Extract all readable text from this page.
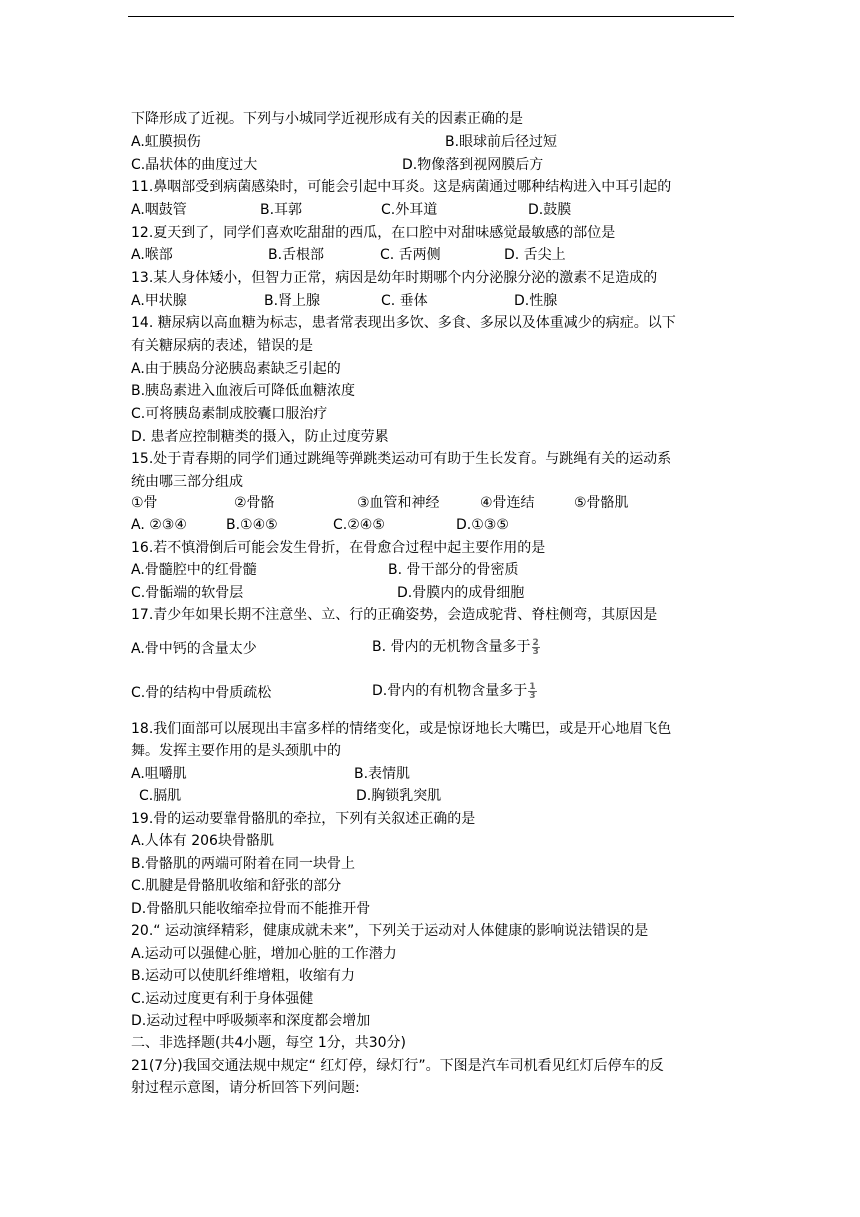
下降形成了近视。下列与小城同学近视形成有关的因素正确的是
A.虹膜损伤	B.眼球前后径过短
C.晶状体的曲度过大	D.物像落到视网膜后方
11.鼻咽部受到病菌感染时，可能会引起中耳炎。这是病菌通过哪种结构进入中耳引起的
A.咽鼓管	B.耳郭	C.外耳道	D.鼓膜
12.夏天到了，同学们喜欢吃甜甜的西瓜，在口腔中对甜味感觉最敏感的部位是
A.喉部	B.舌根部	C. 舌两侧	D. 舌尖上
13.某人身体矮小，但智力正常，病因是幼年时期哪个内分泌腺分泌的激素不足造成的
A.甲状腺	B.肾上腺	C. 垂体	D.性腺
14. 糖尿病以高血糖为标志，患者常表现出多饮、多食、多尿以及体重减少的病症。以下
有关糖尿病的表述，错误的是
A.由于胰岛分泌胰岛素缺乏引起的
B.胰岛素进入血液后可降低血糖浓度
C.可将胰岛素制成胶囊口服治疗
D. 患者应控制糖类的摄入，防止过度劳累
15.处于青春期的同学们通过跳绳等弹跳类运动可有助于生长发育。与跳绳有关的运动系
统由哪三部分组成
①骨	②骨骼	③血管和神经	④骨连结	⑤骨骼肌
A. ②③④	B.①④⑤	C.②④⑤	D.①③⑤
16.若不慎滑倒后可能会发生骨折，在骨愈合过程中起主要作用的是
A.骨髓腔中的红骨髓	B. 骨干部分的骨密质
C.骨骺端的软骨层	D.骨膜内的成骨细胞
17.青少年如果长期不注意坐、立、行的正确姿势，会造成驼背、脊柱侧弯，其原因是
A.骨中钙的含量太少	B. 骨内的无机物含量多于 $\frac{2}{3}$
C.骨的结构中骨质疏松	D.骨内的有机物含量多于 $\frac{1}{3}$
18.我们面部可以展现出丰富多样的情绪变化，或是惊讶地长大嘴巴，或是开心地眉飞色
舞。发挥主要作用的是头颈肌中的
A.咀嚼肌	B.表情肌
C.膈肌	D.胸锁乳突肌
19.骨的运动要靠骨骼肌的牵拉，下列有关叙述正确的是
A.人体有 206块骨骼肌
B.骨骼肌的两端可附着在同一块骨上
C.肌腱是骨骼肌收缩和舒张的部分
D.骨骼肌只能收缩牵拉骨而不能推开骨
20.“ 运动演绎精彩，健康成就未来”，下列关于运动对人体健康的影响说法错误的是
A.运动可以强健心脏，增加心脏的工作潜力
B.运动可以使肌纤维增粗，收缩有力
C.运动过度更有利于身体强健
D.运动过程中呼吸频率和深度都会增加
二、非选择题(共4小题，每空 1分，共30分)
21(7分)我国交通法规中规定“ 红灯停，绿灯行”。下图是汽车司机看见红灯后停车的反
射过程示意图，请分析回答下列问题:
